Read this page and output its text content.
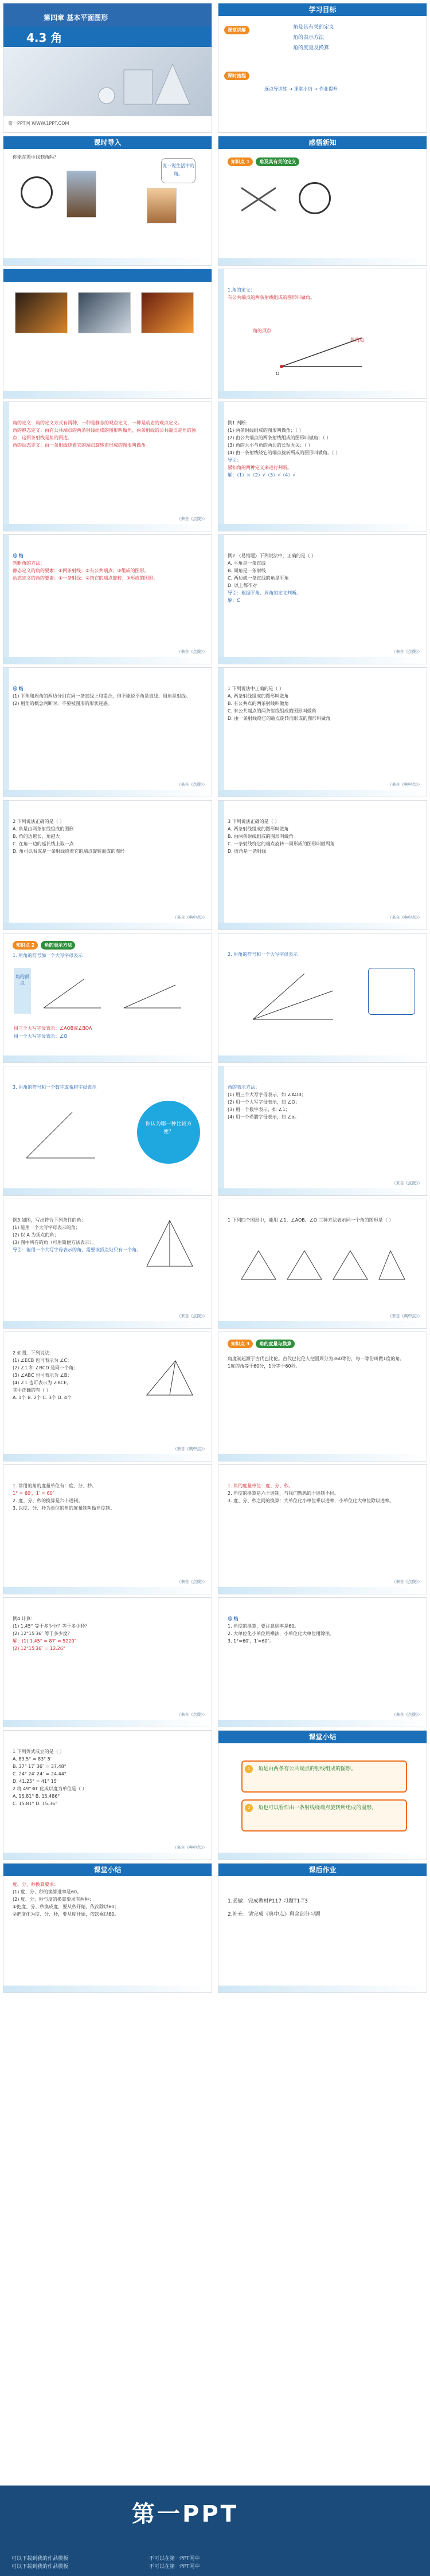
第四章 基本平面图形
4.3 角
第一PPT网 WWW.1PPT.COM
学习目标
课堂讲解	角及其有关的定义
角的表示方法
角的度量及换算
课时流程
逐点导讲练 → 课堂小结 → 作业提升
课时导入
你能在图中找到角吗？
说一说生活中的角。
感悟新知
知识点 1 角及其有关的定义
1.角的定义：
有公共端点的两条射线组成的图形叫做角。
角的顶点
角的边
O
角的定义：角的定义方式有两种，一种是静态的观点定义，一种是动态的观点定义。
角的静态定义：由有公共端点的两条射线组成的图形叫做角，两条射线的公共端点是角的顶点，这两条射线是角的两边。
角的动态定义：由一条射线绕着它的端点旋转而形成的图形叫做角。
（来自《点拨》）
例1 判断：
(1) 两条射线组成的图形叫做角；（ ）
(2) 由公共端点的两条射线组成的图形叫做角；（ ）
(3) 角的大小与角的两边的长短无关；（ ）
(4) 由一条射线绕它的端点旋转所成的图形叫做角。（ ）
导引：
紧扣角的两种定义来进行判断。
解：（1）×（2）√（3）√（4）√
总 结
判断角的方法：
静态定义的角的要素：①两条射线；②有公共端点；③组成的图形。
动态定义的角的要素：①一条射线；②绕它的端点旋转；③形成的图形。
（来自《点拨》）
例2 〈易错题〉下列说法中，正确的是（ ）
A. 平角是一条直线
B. 周角是一条射线
C. 两边成一条直线的角是平角
D. 以上都不对
导引：根据平角、周角的定义判断。
解：C
（来自《点拨》）
总 结
(1) 平角和周角的两边分别在同一条直线上和重合，但不能说平角是直线、周角是射线。
(2) 用角的概念判断时，不要被图形的形状迷惑。
（来自《点拨》）
1 下列说法中正确的是（ ）
A. 两条射线组成的图形叫做角
B. 有公共点的两条射线叫做角
C. 有公共端点的两条射线组成的图形叫做角
D. 由一条射线绕它的端点旋转而形成的图形叫做角
（来自《典中点》）
2 下列说法正确的是（ ）
A. 角是由两条射线组成的图形
B. 角的边越长，角越大
C. 在角一边的延长线上取一点
D. 角可以看成是一条射线绕着它的端点旋转而成的图形
（来自《典中点》）
3 下列说法正确的是（ ）
A. 两条射线组成的图形叫做角
B. 由两条射线组成的图形叫做角
C. 一条射线绕它的端点旋转一周形成的图形叫做周角
D. 周角是一条射线
（来自《典中点》）
知识点 2 角的表示方法
1. 用角的符号加一个大写字母表示
角的顶点
用三个大写字母表示：∠AOB或∠BOA
用一个大写字母表示：∠O
2. 用角的符号和一个大写字母表示
3. 用角的符号和一个数字或希腊字母表示
你认为哪一种比较方便？
角的表示方法：
(1) 用三个大写字母表示，如 ∠AOB；
(2) 用一个大写字母表示，如 ∠O；
(3) 用一个数字表示，如 ∠1；
(4) 用一个希腊字母表示，如 ∠α。
（来自《点拨》）
例3 如图，写出符合下列条件的角：
(1) 能用一个大写字母表示的角；
(2) 以 A 为顶点的角；
(3) 图中所有的角（可用简便方法表示）。
导引：能用一个大写字母表示的角，需要该顶点处只有一个角。
（来自《点拨》）
1 下列四个图形中，能用 ∠1、∠AOB、∠O 三种方法表示同一个角的图形是（ ）
（来自《典中点》）
2 如图，下列说法：
(1) ∠ECB 也可表示为 ∠C；
(2) ∠1 和 ∠BCD 是同一个角；
(3) ∠ABC 也可表示为 ∠B；
(4) ∠1 也可表示为 ∠BCE。
其中正确的有（ ）
A. 1个 B. 2个 C. 3个 D. 4个
（来自《典中点》）
知识点 3 角的度量与换算
角度制起源于古代巴比伦。古代巴比伦人把圆周分为360等份，每一等份叫做1度的角。
1度的角等于60分，1分等于60秒。
1. 常用的角的度量单位有：度、分、秒。
1° = 60′，1′ = 60″
2. 度、分、秒的换算是六十进制。
3. 以度、分、秒为单位的角的度量制叫做角度制。
（来自《点拨》）
1. 角的度量单位：度、分、秒。
2. 角度的换算是六十进制，与我们熟悉的十进制不同。
3. 度、分、秒之间的换算：大单位化小单位乘以进率，小单位化大单位除以进率。
（来自《点拨》）
例4 计算：
(1) 1.45° 等于多少分？等于多少秒？
(2) 12°15′36″ 等于多少度？
解：(1) 1.45° = 87′ = 5220″
(2) 12°15′36″ = 12.26°
（来自《点拨》）
总 结
1. 角度的换算，要注意进率是60。
2. 大单位化小单位用乘法，小单位化大单位用除法。
3. 1°=60′，1′=60″。
（来自《点拨》）
1 下列等式成立的是（ ）
A. 83.5° = 83° 5′
B. 37° 17′ 36″ = 37.48°
C. 24° 24′ 24″ = 24.44°
D. 41.25° = 41° 15′
2 将 49°30′ 化成以度为单位是（ ）
A. 15.81° B. 15.486°
C. 15.81° D. 15.36°
（来自《典中点》）
课堂小结
1 角是由两条有公共端点的射线组成的图形。
2 角也可以看作由一条射线绕端点旋转所组成的图形。
课堂小结
度、分、秒换算要求：
(1) 度、分、秒的换算进率是60。
(2) 度、分、秒与度的换算要求有两种：
①把度、分、秒换成度，要从秒开始，依次除以60；
②把度化为度、分、秒，要从度开始，依次乘以60。
课后作业
1.必做：完成教材P117 习题T1-T3
2.补充：请完成《典中点》剩余部分习题
第一PPT
可以下载到我的作品模板	不可以在第一PPT网中
可以下载到我的作品模板	不可以在第一PPT网中
